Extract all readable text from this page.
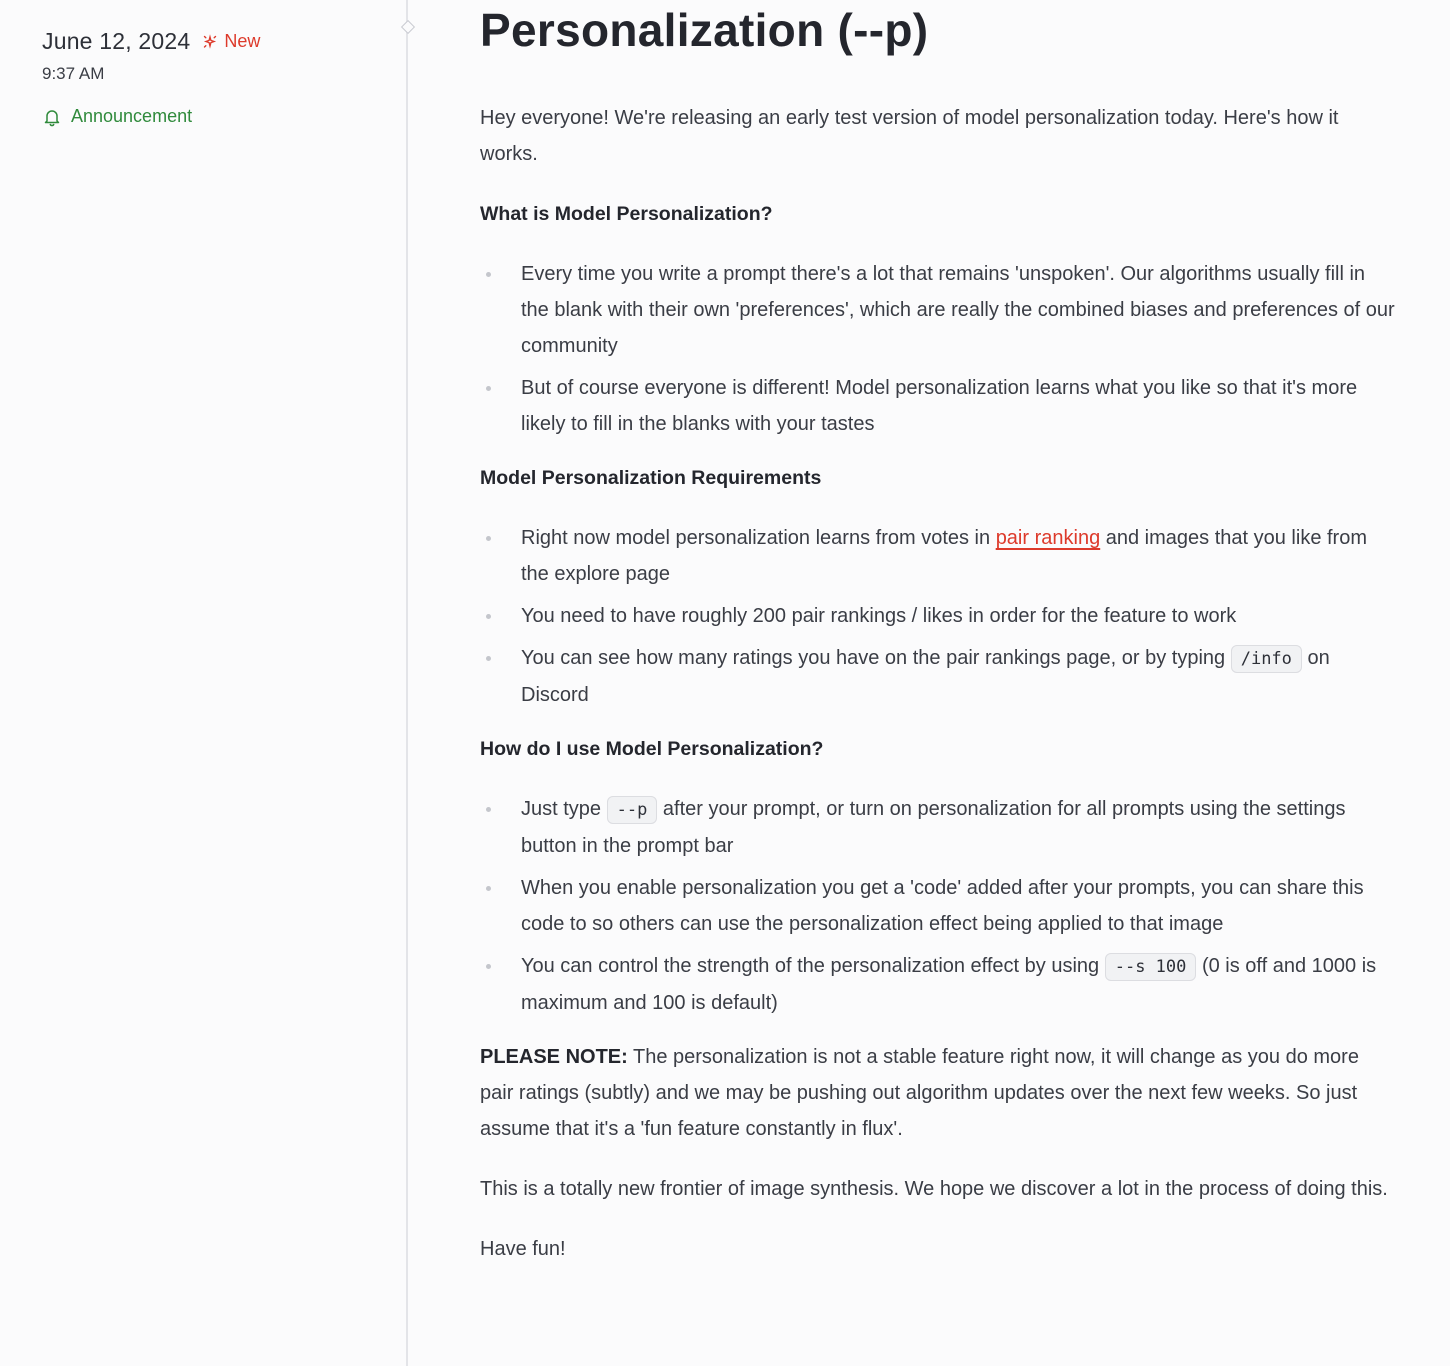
June 12, 2024 New
9:37 AM
Announcement
Personalization (--p)

Hey everyone! We're releasing an early test version of model personalization today. Here's how it works.

What is Model Personalization?
Every time you write a prompt there's a lot that remains 'unspoken'. Our algorithms usually fill in the blank with their own 'preferences', which are really the combined biases and preferences of our community
But of course everyone is different! Model personalization learns what you like so that it's more likely to fill in the blanks with your tastes
Model Personalization Requirements
Right now model personalization learns from votes in pair ranking and images that you like from the explore page
You need to have roughly 200 pair rankings / likes in order for the feature to work
You can see how many ratings you have on the pair rankings page, or by typing /info on Discord
How do I use Model Personalization?
Just type --p after your prompt, or turn on personalization for all prompts using the settings button in the prompt bar
When you enable personalization you get a 'code' added after your prompts, you can share this code to so others can use the personalization effect being applied to that image
You can control the strength of the personalization effect by using --s 100 (0 is off and 1000 is maximum and 100 is default)

PLEASE NOTE: The personalization is not a stable feature right now, it will change as you do more pair ratings (subtly) and we may be pushing out algorithm updates over the next few weeks. So just assume that it's a 'fun feature constantly in flux'.

This is a totally new frontier of image synthesis. We hope we discover a lot in the process of doing this.

Have fun!
